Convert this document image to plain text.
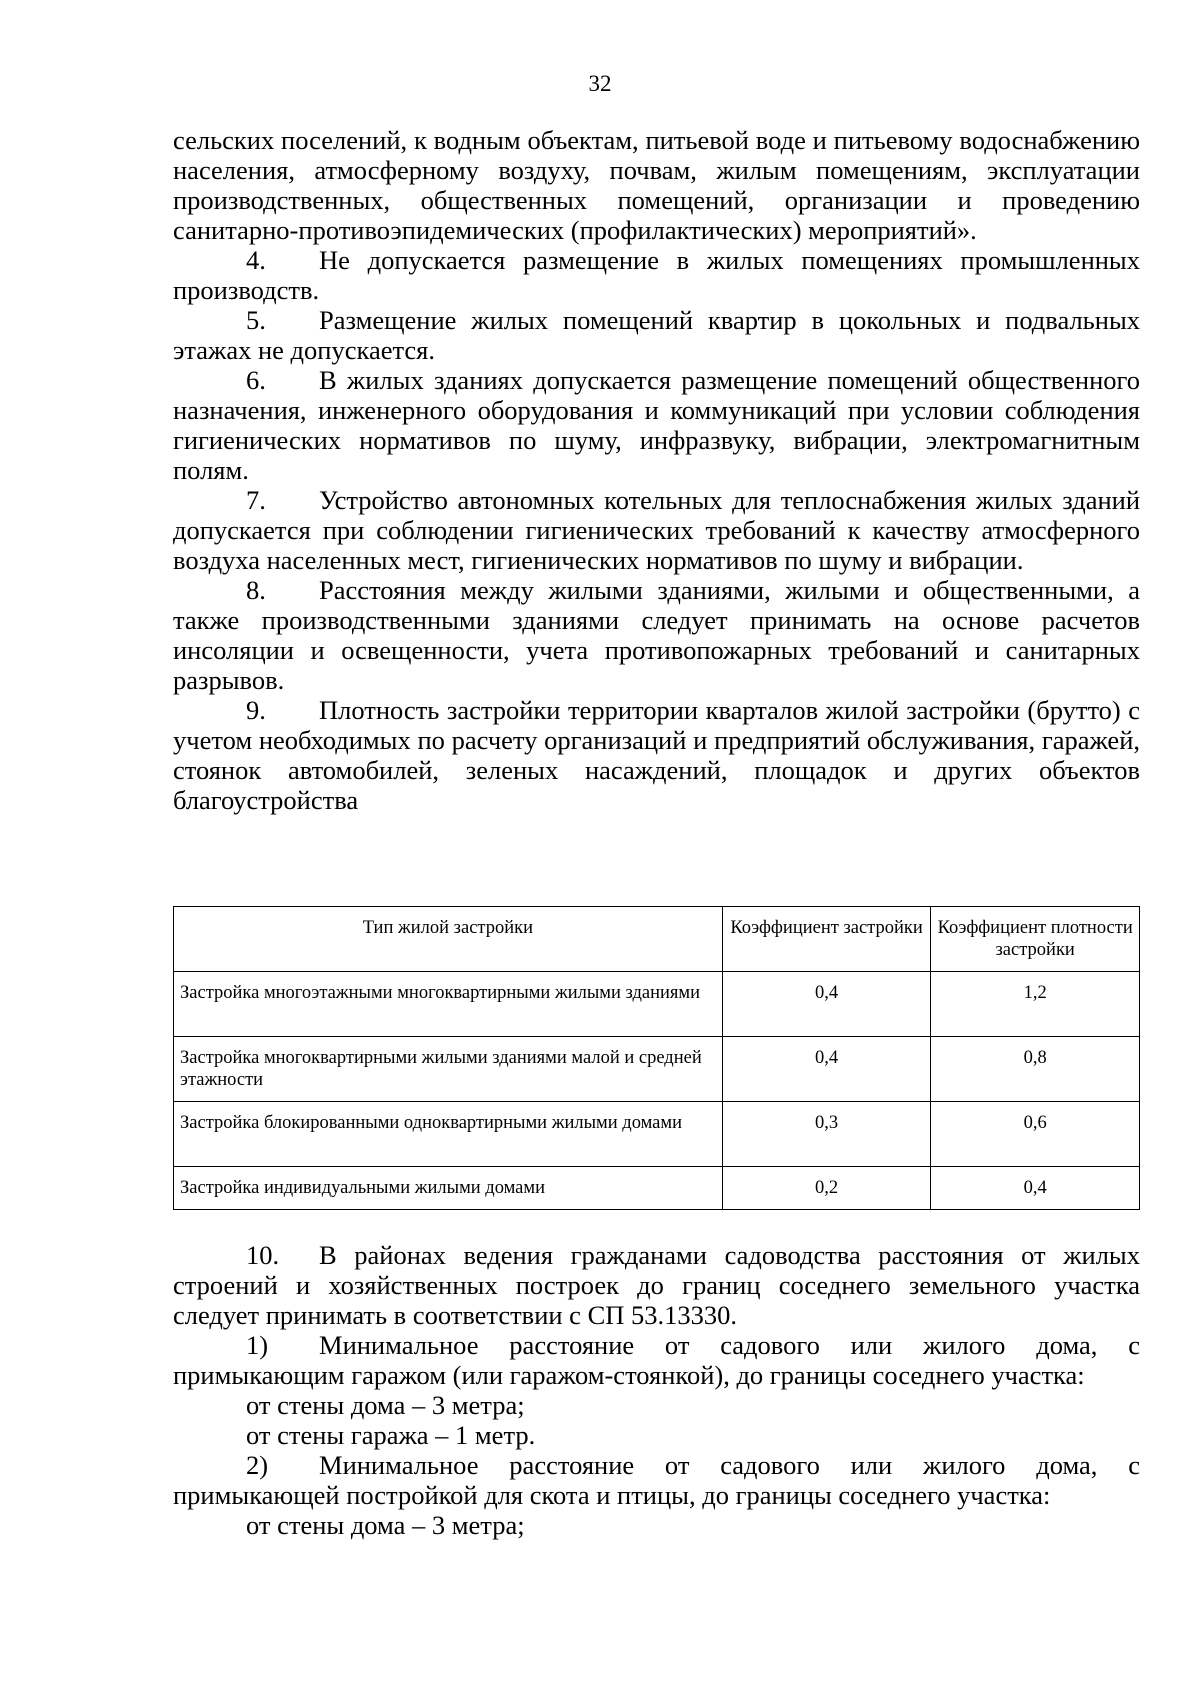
32

сельских поселений, к водным объектам, питьевой воде и питьевому водоснабжению населения, атмосферному воздуху, почвам, жилым помещениям, эксплуатации производственных, общественных помещений, организации и проведению санитарно-противоэпидемических (профилактических) мероприятий».

4. Не допускается размещение в жилых помещениях промышленных производств.

5. Размещение жилых помещений квартир в цокольных и подвальных этажах не допускается.

6. В жилых зданиях допускается размещение помещений общественного назначения, инженерного оборудования и коммуникаций при условии соблюдения гигиенических нормативов по шуму, инфразвуку, вибрации, электромагнитным полям.

7. Устройство автономных котельных для теплоснабжения жилых зданий допускается при соблюдении гигиенических требований к качеству атмосферного воздуха населенных мест, гигиенических нормативов по шуму и вибрации.

8. Расстояния между жилыми зданиями, жилыми и общественными, а также производственными зданиями следует принимать на основе расчетов инсоляции и освещенности, учета противопожарных требований и санитарных разрывов.

9. Плотность застройки территории кварталов жилой застройки (брутто) с учетом необходимых по расчету организаций и предприятий обслуживания, гаражей, стоянок автомобилей, зеленых насаждений, площадок и других объектов благоустройства

Тип жилой застройки	Коэффициент застройки	Коэффициент плотности застройки
Застройка многоэтажными многоквартирными жилыми зданиями	0,4	1,2
Застройка многоквартирными жилыми зданиями малой и средней этажности	0,4	0,8
Застройка блокированными одноквартирными жилыми домами	0,3	0,6
Застройка индивидуальными жилыми домами	0,2	0,4

10. В районах ведения гражданами садоводства расстояния от жилых строений и хозяйственных построек до границ соседнего земельного участка следует принимать в соответствии с СП 53.13330.

1) Минимальное расстояние от садового или жилого дома, с примыкающим гаражом (или гаражом-стоянкой), до границы соседнего участка:

от стены дома – 3 метра;

от стены гаража – 1 метр.

2) Минимальное расстояние от садового или жилого дома, с примыкающей постройкой для скота и птицы, до границы соседнего участка:

от стены дома – 3 метра;
